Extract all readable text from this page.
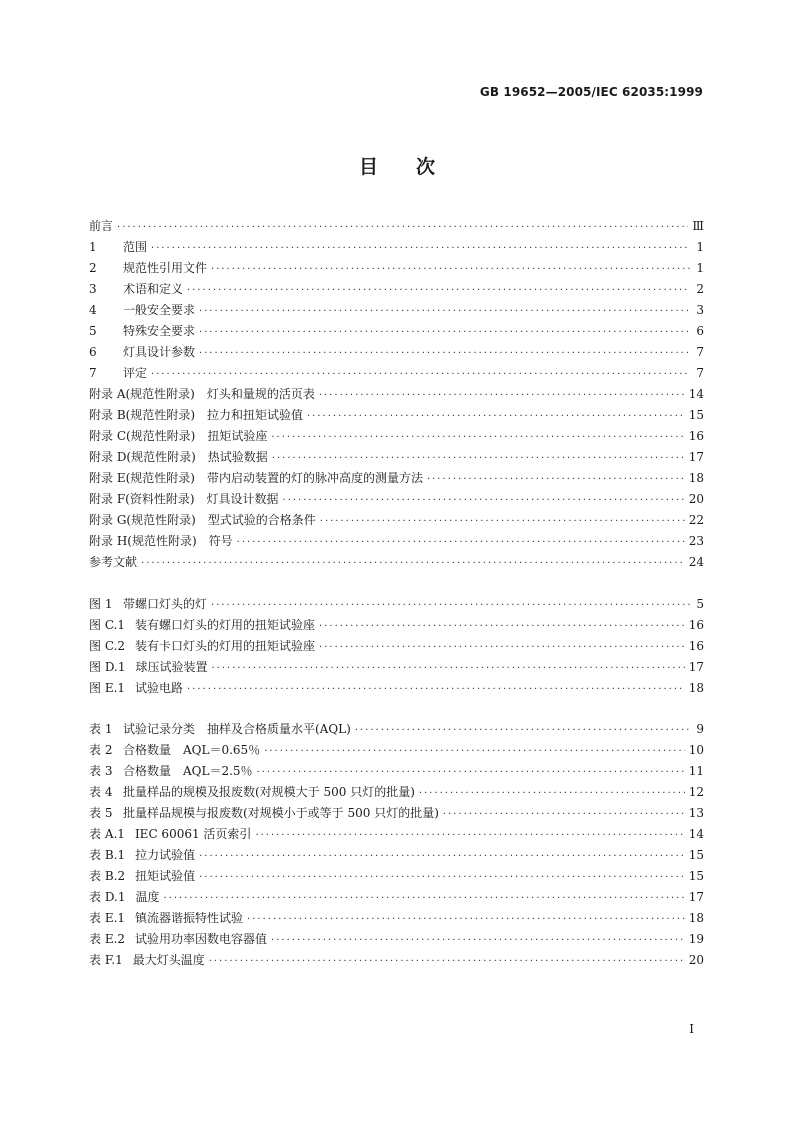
GB 19652—2005/IEC 62035:1999
目 次
前言 ·····	Ⅲ
1 范围 ·····	1
2 规范性引用文件 ·····	1
3 术语和定义 ·····	2
4 一般安全要求 ·····	3
5 特殊安全要求 ·····	6
6 灯具设计参数 ·····	7
7 评定 ·····	7
附录 A(规范性附录)　灯头和量规的活页表 ·····	14
附录 B(规范性附录)　拉力和扭矩试验值 ·····	15
附录 C(规范性附录)　扭矩试验座 ·····	16
附录 D(规范性附录)　热试验数据 ·····	17
附录 E(规范性附录)　带内启动装置的灯的脉冲高度的测量方法 ·····	18
附录 F(资料性附录)　灯具设计数据 ·····	20
附录 G(规范性附录)　型式试验的合格条件 ·····	22
附录 H(规范性附录)　符号 ·····	23
参考文献 ·····	24
图 1 带螺口灯头的灯 ·····	5
图 C.1 装有螺口灯头的灯用的扭矩试验座 ·····	16
图 C.2 装有卡口灯头的灯用的扭矩试验座 ·····	16
图 D.1 球压试验装置 ·····	17
图 E.1 试验电路 ·····	18
表 1 试验记录分类　抽样及合格质量水平(AQL) ·····	9
表 2 合格数量　AQL＝0.65％ ·····	10
表 3 合格数量　AQL＝2.5％ ·····	11
表 4 批量样品的规模及报废数(对规模大于 500 只灯的批量) ·····	12
表 5 批量样品规模与报废数(对规模小于或等于 500 只灯的批量) ·····	13
表 A.1 IEC 60061 活页索引 ·····	14
表 B.1 拉力试验值 ·····	15
表 B.2 扭矩试验值 ·····	15
表 D.1 温度 ·····	17
表 E.1 镇流器谐振特性试验 ·····	18
表 E.2 试验用功率因数电容器值 ·····	19
表 F.1 最大灯头温度 ·····	20
Ⅰ
